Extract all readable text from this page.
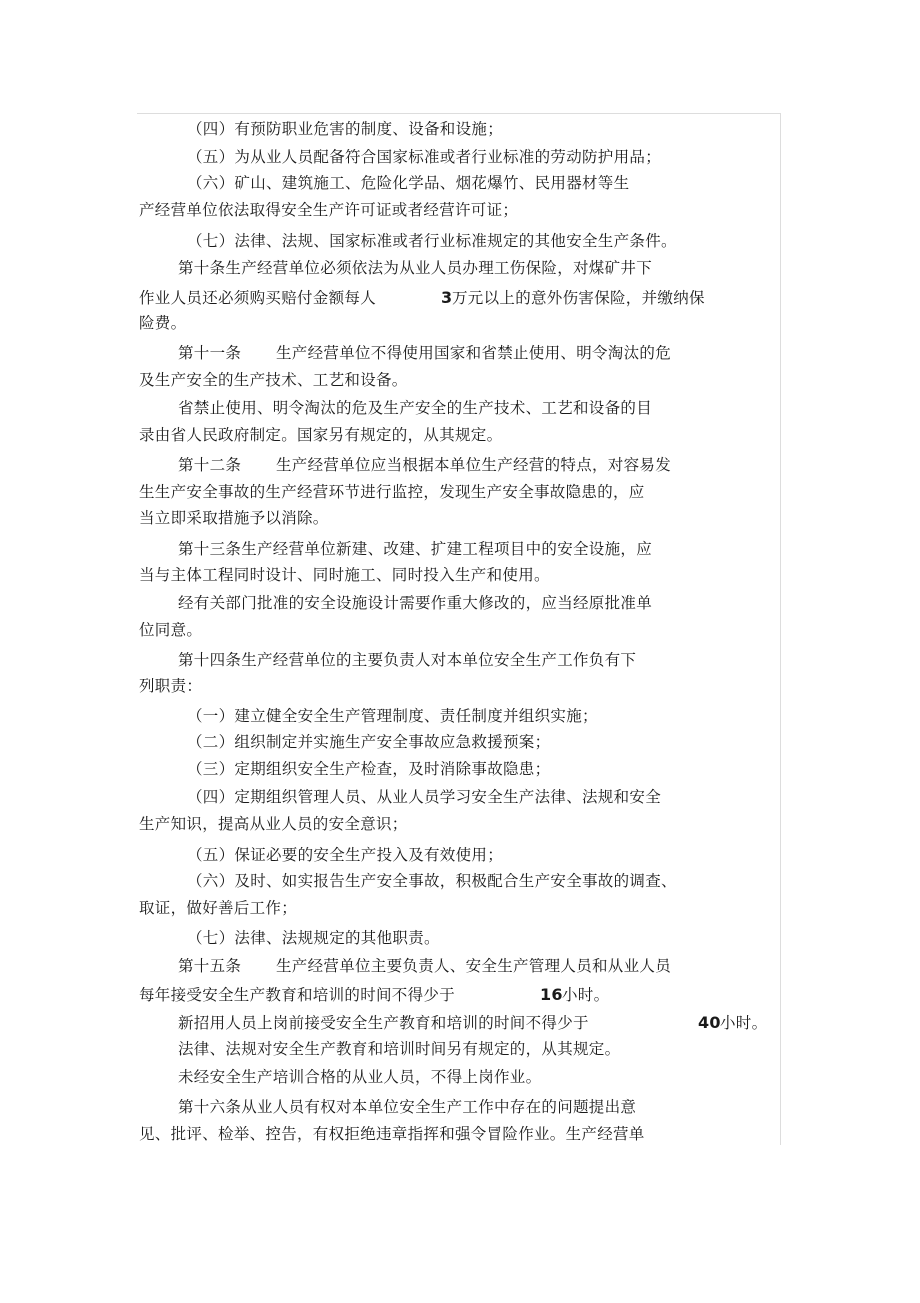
（四）有预防职业危害的制度、设备和设施；
（五）为从业人员配备符合国家标准或者行业标准的劳动防护用品；
（六）矿山、建筑施工、危险化学品、烟花爆竹、民用器材等生
产经营单位依法取得安全生产许可证或者经营许可证；
（七）法律、法规、国家标准或者行业标准规定的其他安全生产条件。
第十条生产经营单位必须依法为从业人员办理工伤保险，对煤矿井下
作业人员还必须购买赔付金额每人	3 万元以上的意外伤害保险，并缴纳保
险费。
第十一条 生产经营单位不得使用国家和省禁止使用、明令淘汰的危
及生产安全的生产技术、工艺和设备。
省禁止使用、明令淘汰的危及生产安全的生产技术、工艺和设备的目
录由省人民政府制定。国家另有规定的，从其规定。
第十二条 生产经营单位应当根据本单位生产经营的特点，对容易发
生生产安全事故的生产经营环节进行监控，发现生产安全事故隐患的，应
当立即采取措施予以消除。
第十三条生产经营单位新建、改建、扩建工程项目中的安全设施，应
当与主体工程同时设计、同时施工、同时投入生产和使用。
经有关部门批准的安全设施设计需要作重大修改的，应当经原批准单
位同意。
第十四条生产经营单位的主要负责人对本单位安全生产工作负有下
列职责：
（一）建立健全安全生产管理制度、责任制度并组织实施；
（二）组织制定并实施生产安全事故应急救援预案；
（三）定期组织安全生产检查，及时消除事故隐患；
（四）定期组织管理人员、从业人员学习安全生产法律、法规和安全
生产知识，提高从业人员的安全意识；
（五）保证必要的安全生产投入及有效使用；
（六）及时、如实报告生产安全事故，积极配合生产安全事故的调查、
取证，做好善后工作；
（七）法律、法规规定的其他职责。
第十五条 生产经营单位主要负责人、安全生产管理人员和从业人员
每年接受安全生产教育和培训的时间不得少于	16 小时。
新招用人员上岗前接受安全生产教育和培训的时间不得少于	40 小时。
法律、法规对安全生产教育和培训时间另有规定的，从其规定。
未经安全生产培训合格的从业人员，不得上岗作业。
第十六条从业人员有权对本单位安全生产工作中存在的问题提出意
见、批评、检举、控告，有权拒绝违章指挥和强令冒险作业。生产经营单
